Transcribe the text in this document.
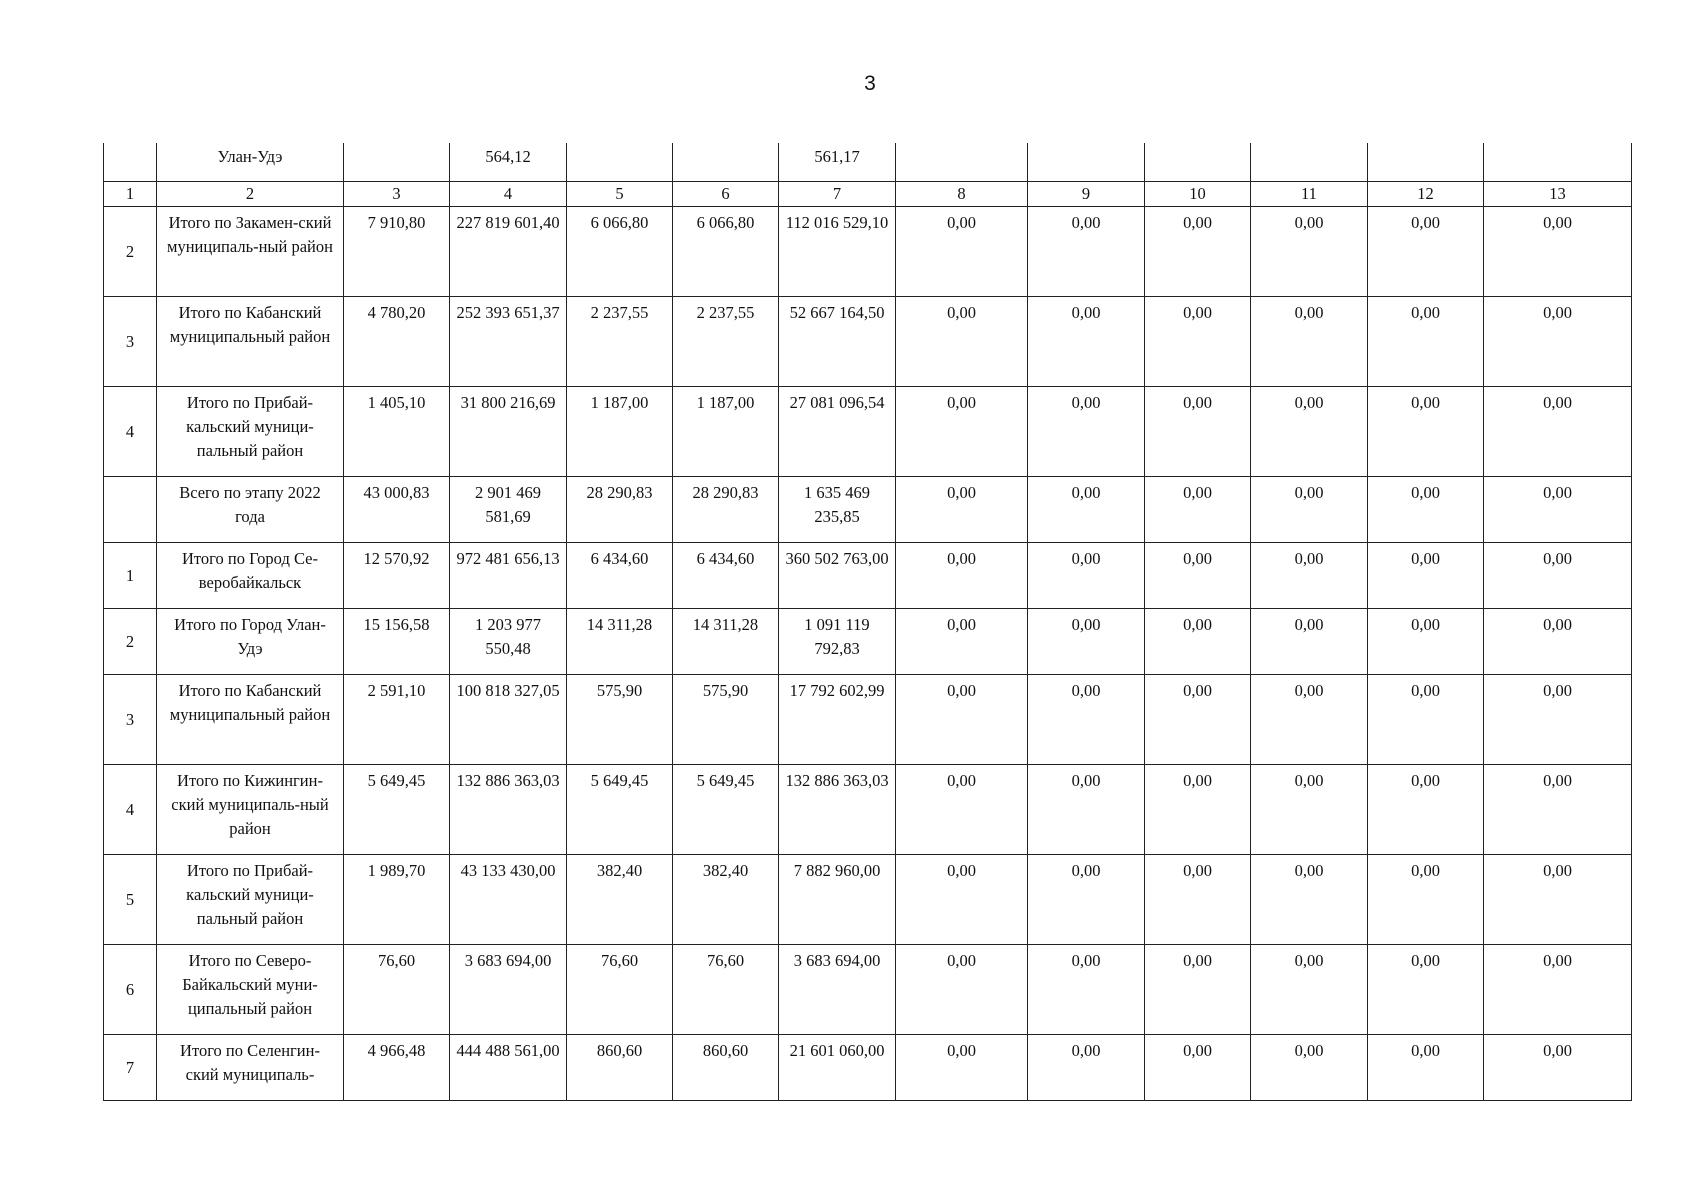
3
	Улан-Удэ		564,12			561,17						
1	2	3	4	5	6	7	8	9	10	11	12	13
2	Итого по Закамен-ский муниципаль-ный район	7 910,80	227 819 601,40	6 066,80	6 066,80	112 016 529,10	0,00	0,00	0,00	0,00	0,00	0,00
3	Итого по Кабанский муниципальный район	4 780,20	252 393 651,37	2 237,55	2 237,55	52 667 164,50	0,00	0,00	0,00	0,00	0,00	0,00
4	Итого по Прибай-кальский муници-пальный район	1 405,10	31 800 216,69	1 187,00	1 187,00	27 081 096,54	0,00	0,00	0,00	0,00	0,00	0,00
	Всего по этапу 2022 года	43 000,83	2 901 469 581,69	28 290,83	28 290,83	1 635 469 235,85	0,00	0,00	0,00	0,00	0,00	0,00
1	Итого по Город Се-веробайкальск	12 570,92	972 481 656,13	6 434,60	6 434,60	360 502 763,00	0,00	0,00	0,00	0,00	0,00	0,00
2	Итого по Город Улан-Удэ	15 156,58	1 203 977 550,48	14 311,28	14 311,28	1 091 119 792,83	0,00	0,00	0,00	0,00	0,00	0,00
3	Итого по Кабанский муниципальный район	2 591,10	100 818 327,05	575,90	575,90	17 792 602,99	0,00	0,00	0,00	0,00	0,00	0,00
4	Итого по Кижингин-ский муниципаль-ный район	5 649,45	132 886 363,03	5 649,45	5 649,45	132 886 363,03	0,00	0,00	0,00	0,00	0,00	0,00
5	Итого по Прибай-кальский муници-пальный район	1 989,70	43 133 430,00	382,40	382,40	7 882 960,00	0,00	0,00	0,00	0,00	0,00	0,00
6	Итого по Северо-Байкальский муни-ципальный район	76,60	3 683 694,00	76,60	76,60	3 683 694,00	0,00	0,00	0,00	0,00	0,00	0,00
7	Итого по Селенгин-ский муниципаль-	4 966,48	444 488 561,00	860,60	860,60	21 601 060,00	0,00	0,00	0,00	0,00	0,00	0,00
